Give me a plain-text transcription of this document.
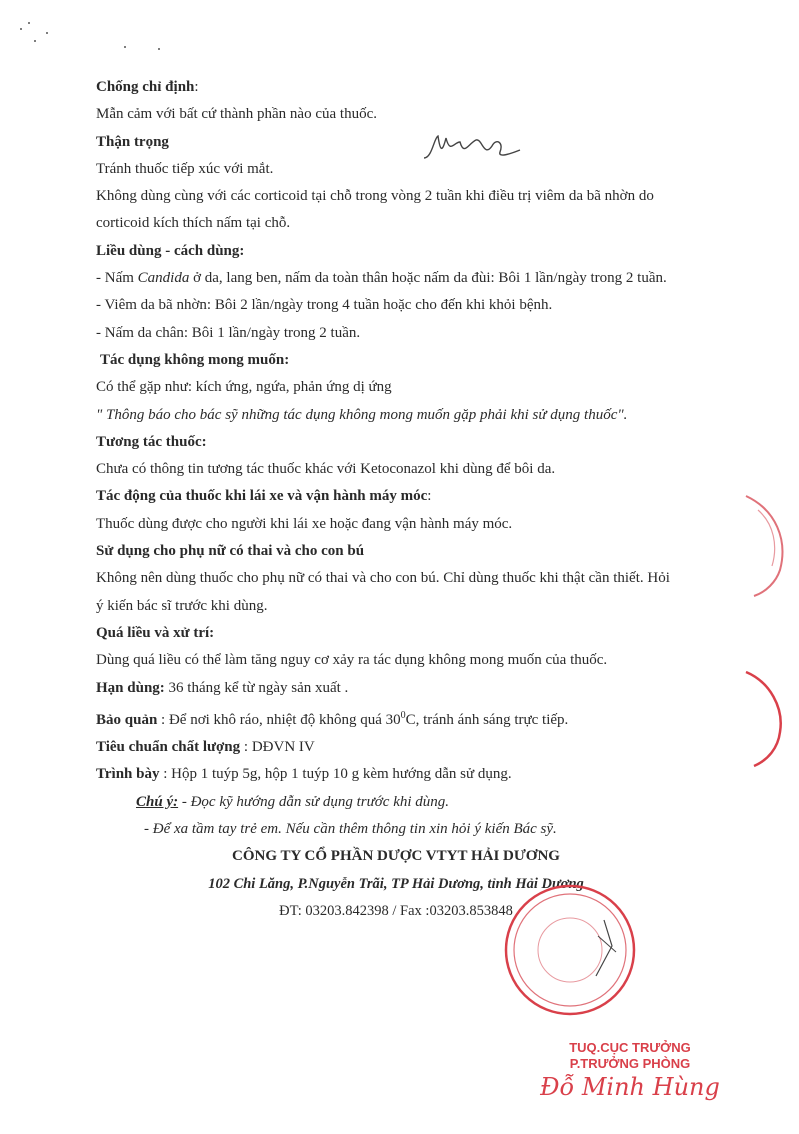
Chống chỉ định:
Mẫn cảm với bất cứ thành phần nào của thuốc.
Thận trọng
Tránh thuốc tiếp xúc với mắt.
Không dùng cùng với các corticoid tại chỗ trong vòng 2 tuần khi điều trị viêm da bã nhờn do
corticoid kích thích nấm tại chỗ.
Liều dùng - cách dùng:
- Nấm Candida ở da, lang ben, nấm da toàn thân hoặc nấm da đùi: Bôi 1 lần/ngày trong 2 tuần.
- Viêm da bã nhờn: Bôi 2 lần/ngày trong 4 tuần hoặc cho đến khi khỏi bệnh.
- Nấm da chân: Bôi 1 lần/ngày trong 2 tuần.
Tác dụng không mong muốn:
Có thể gặp như: kích ứng, ngứa, phản ứng dị ứng
" Thông báo cho bác sỹ những tác dụng không mong muốn gặp phải khi sử dụng thuốc".
Tương tác thuốc:
Chưa có thông tin tương tác thuốc khác với Ketoconazol khi dùng để bôi da.
Tác động của thuốc khi lái xe và vận hành máy móc:
Thuốc dùng được cho người khi lái xe hoặc đang vận hành máy móc.
Sử dụng cho phụ nữ có thai và cho con bú
Không nên dùng thuốc cho phụ nữ có thai và cho con bú. Chỉ dùng thuốc khi thật cần thiết. Hỏi
ý kiến bác sĩ trước khi dùng.
Quá liều và xử trí:
Dùng quá liều có thể làm tăng nguy cơ xảy ra tác dụng không mong muốn của thuốc.
Hạn dùng: 36 tháng kể từ ngày sản xuất .
Bảo quản : Để nơi khô ráo, nhiệt độ không quá $30^0C$, tránh ánh sáng trực tiếp.
Tiêu chuẩn chất lượng : DĐVN IV
Trình bày : Hộp 1 tuýp 5g, hộp 1 tuýp 10 g kèm hướng dẫn sử dụng.
Chú ý: - Đọc kỹ hướng dẫn sử dụng trước khi dùng.
- Để xa tầm tay trẻ em. Nếu cần thêm thông tin xin hỏi ý kiến Bác sỹ.
CÔNG TY CỔ PHẦN DƯỢC VTYT HẢI DƯƠNG
102 Chi Lăng, P.Nguyễn Trãi, TP Hải Dương, tỉnh Hải Dương
ĐT: 03203.842398 / Fax :03203.853848
TUQ.CỤC TRƯỞNG
P.TRƯỞNG PHÒNG
Đỗ Minh Hùng
